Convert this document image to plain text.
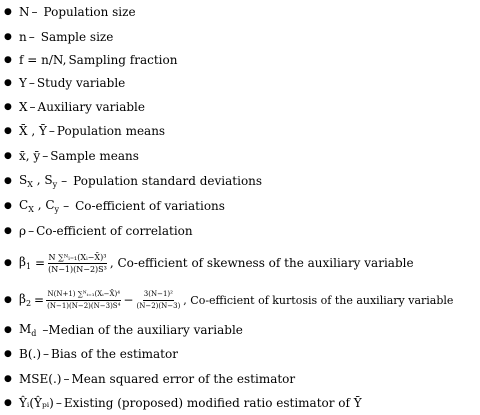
● N – Population size
● n – Sample size
● f = n/N, Sampling fraction
● Y – Study variable
● X – Auxiliary variable
● X̄ , Ȳ – Population means
● x̄, ȳ – Sample means
● $S_X$ , $S_y$ – Population standard deviations
● $C_X$ , $C_y$ – Co-efficient of variations
● ρ – Co-efficient of correlation
● $\beta_1 = \frac{\text{N ∑ᴺᵢ₌₁(Xᵢ−X̄)³}}{\text{(N−1)(N−2)S³}}$ , Co-efficient of skewness of the auxiliary variable
● $\beta_2 = \frac{\text{N(N+1) ∑ᴺᵢ₌₁(Xᵢ−X̄)⁴}}{\text{(N−1)(N−2)(N−3)S⁴}} - \frac{\text{3(N−1)²}}{(N-2)(N-3)}$ , Co-efficient of kurtosis of the auxiliary variable
● $M_d$ – Median of the auxiliary variable
● B(.) – Bias of the estimator
● MSE(.) – Mean squared error of the estimator
● Ŷᵢ(Ŷₚᵢ) – Existing (proposed) modified ratio estimator of Ȳ
